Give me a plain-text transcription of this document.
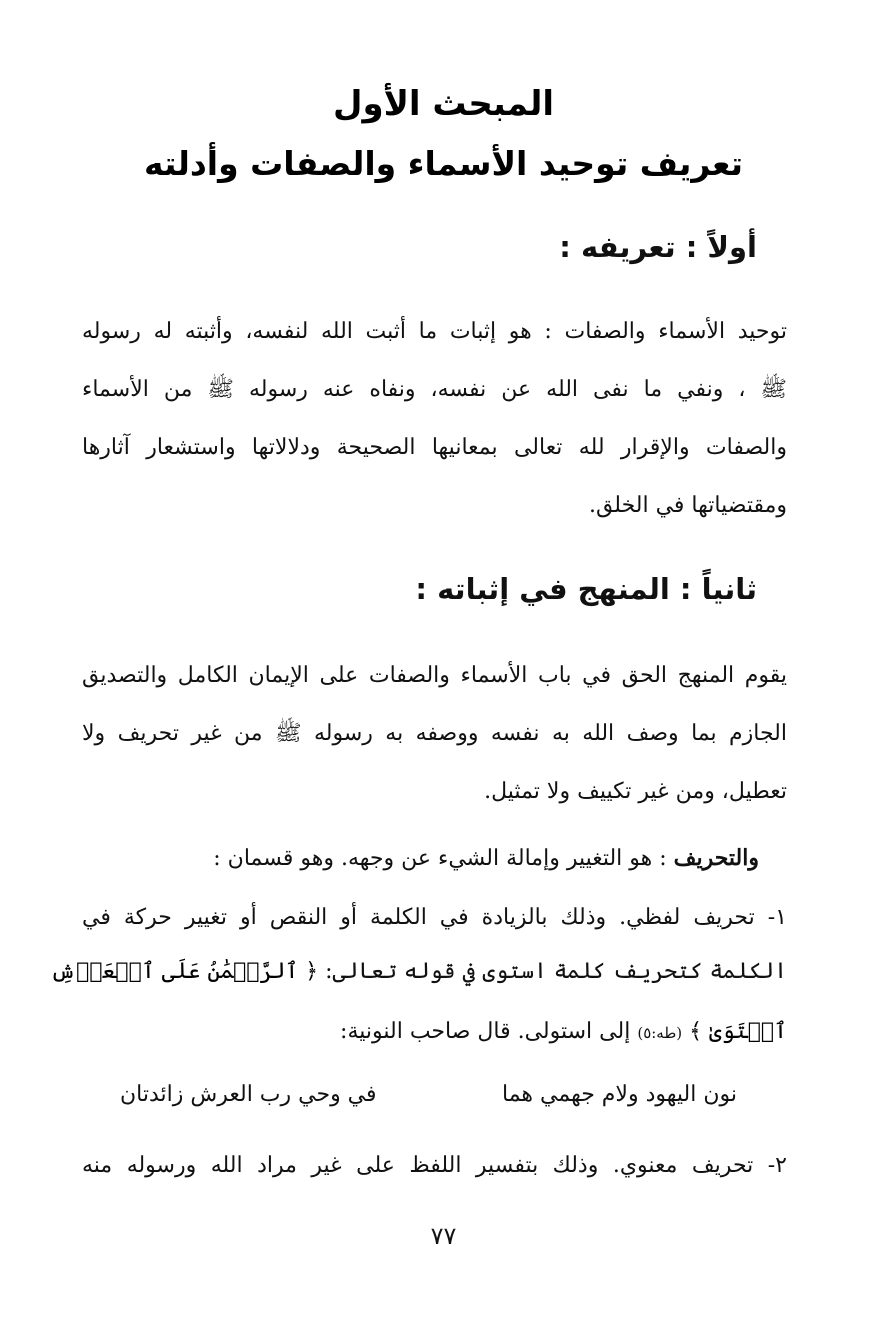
المبحث الأول
تعريف توحيد الأسماء والصفات وأدلته
أولاً : تعريفه :
توحيد الأسماء والصفات : هو إثبات ما أثبت الله لنفسه، وأثبته له رسوله
ﷺ ، ونفي ما نفى الله عن نفسه، ونفاه عنه رسوله ﷺ من الأسماء
والصفات والإقرار لله تعالى بمعانيها الصحيحة ودلالاتها واستشعار آثارها
ومقتضياتها في الخلق.
ثانياً : المنهج في إثباته :
يقوم المنهج الحق في باب الأسماء والصفات على الإيمان الكامل والتصديق
الجازم بما وصف الله به نفسه ووصفه به رسوله ﷺ من غير تحريف ولا
تعطيل، ومن غير تكييف ولا تمثيل.
والتحريف : هو التغيير وإمالة الشيء عن وجهه. وهو قسمان :
١- تحريف لفظي. وذلك بالزيادة في الكلمة أو النقص أو تغيير حركة في
الكلمة كتحريف كلمة استوى في قوله تعالى: ﴿ ٱلرَّحۡمَٰنُ عَلَى ٱلۡعَرۡشِ
ٱسۡتَوَىٰ ﴾ (طه:٥) إلى استولى. قال صاحب النونية:
نون اليهود ولام جهمي هما
في وحي رب العرش زائدتان
٢- تحريف معنوي. وذلك بتفسير اللفظ على غير مراد الله ورسوله منه
٧٧
